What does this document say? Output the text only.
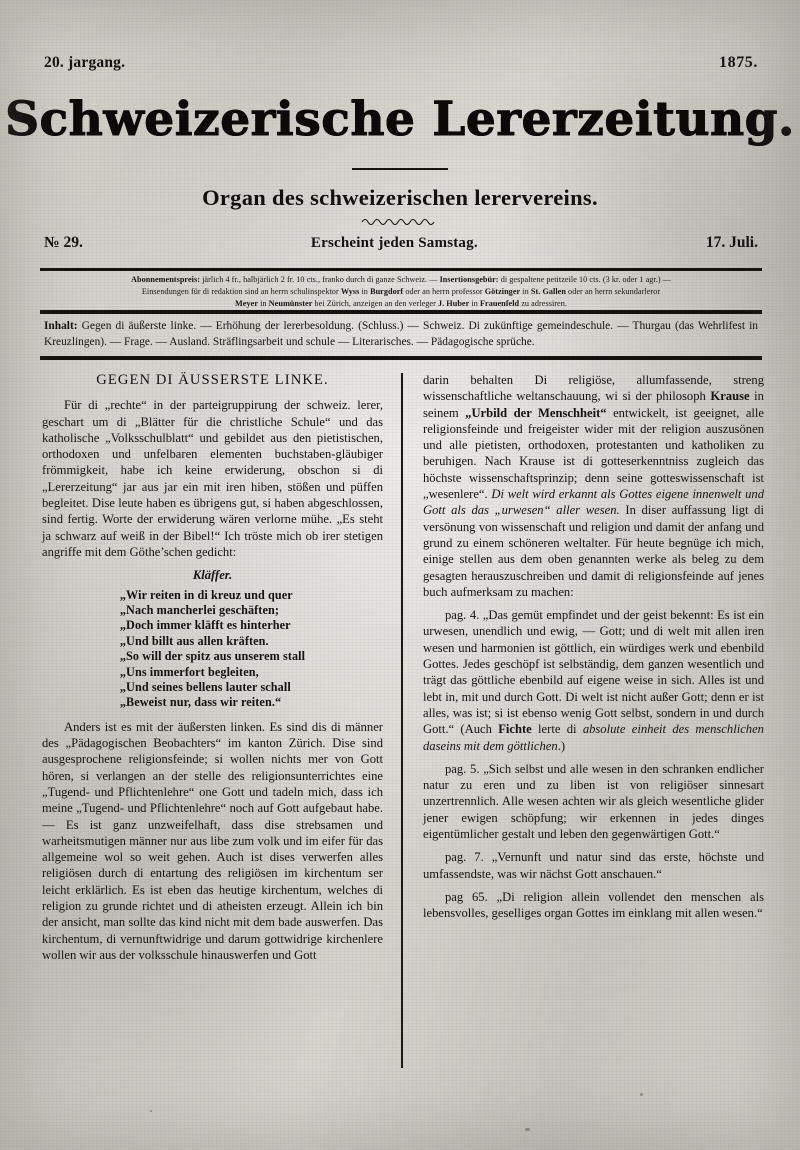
20. jargang.	1875.
Schweizerische Lererzeitung.
Organ des schweizerischen lerervereins.
№ 29.	Erscheint jeden Samstag.	17. Juli.
Abonnementspreis: järlich 4 fr., halbjärlich 2 fr. 10 cts., franko durch di ganze Schweiz. — Insertionsgebür: di gespaltene petitzeile 10 cts. (3 kr. oder 1 agr.) —
Einsendungen für di redaktion sind an herrn schulinspektor Wyss in Burgdorf oder an herrn professor Götzinger in St. Gallen oder an herrn sekundarleror
Meyer in Neumünster bei Zürich, anzeigen an den verleger J. Huber in Frauenfeld zu adressiren.
Inhalt: Gegen di äußerste linke. — Erhöhung der lererbesoldung. (Schluss.) — Schweiz. Di zukünftige gemeindeschule. — Thurgau (das Wehrlifest in Kreuzlingen). — Frage. — Ausland. Sträflingsarbeit und schule — Literarisches. — Pädagogische sprüche.
GEGEN DI ÄUSSERSTE LINKE.

Für di „rechte“ in der parteigruppirung der schweiz. lerer, geschart um di „Blätter für die christliche Schule“ und das katholische „Volksschulblatt“ und gebildet aus den pietistischen, orthodoxen und unfelbaren elementen buchstaben-gläubiger frömmigkeit, habe ich keine erwiderung, obschon si di „Lererzeitung“ jar aus jar ein mit iren hiben, stößen und püffen begleitet. Dise leute haben es übrigens gut, si haben abgeschlossen, sind fertig. Worte der erwiderung wären verlorne mühe. „Es steht ja schwarz auf weiß in der Bibel!“ Ich tröste mich ob irer stetigen angriffe mit dem Göthe’schen gedicht:

Kläffer.
„Wir reiten in di kreuz und quer
„Nach mancherlei geschäften;
„Doch immer kläfft es hinterher
„Und billt aus allen kräften.
„So will der spitz aus unserem stall
„Uns immerfort begleiten,
„Und seines bellens lauter schall
„Beweist nur, dass wir reiten.“

Anders ist es mit der äußersten linken. Es sind dis di männer des „Pädagogischen Beobachters“ im kanton Zürich. Dise sind ausgesprochene religionsfeinde; si wollen nichts mer von Gott hören, si verlangen an der stelle des religionsunterrichtes eine „Tugend- und Pflichtenlehre“ one Gott und tadeln mich, dass ich meine „Tugend- und Pflichtenlehre“ noch auf Gott aufgebaut habe. — Es ist ganz unzweifelhaft, dass dise strebsamen und warheitsmutigen männer nur aus libe zum volk und im eifer für das allgemeine wol so weit gehen. Auch ist dises verwerfen alles religiösen durch di entartung des religiösen im kirchentum ser leicht erklärlich. Es ist eben das heutige kirchentum, welches di religion zu grunde richtet und di atheisten erzeugt. Allein ich bin der ansicht, man sollte das kind nicht mit dem bade auswerfen. Das kirchentum, di vernunftwidrige und darum gottwidrige kirchenlere wollen wir aus der volksschule hinauswerfen und Gott

darin behalten Di religiöse, allumfassende, streng wissenschaftliche weltanschauung, wi si der philosoph Krause in seinem „Urbild der Menschheit“ entwickelt, ist geeignet, alle religionsfeinde und freigeister wider mit der religion auszusönen und alle pietisten, orthodoxen, protestanten und katholiken zu beruhigen. Nach Krause ist di gotteserkenntniss zugleich das höchste wissenschaftsprinzip; denn seine gotteswissenschaft ist „wesenlere“. Di welt wird erkannt als Gottes eigene innenwelt und Gott als das „urwesen“ aller wesen. In diser auffassung ligt di versönung von wissenschaft und religion und damit der anfang und grund zu einem schöneren weltalter. Für heute begnüge ich mich, einige stellen aus dem oben genannten werke als beleg zu dem gesagten herauszuschreiben und damit di religionsfeinde auf jenes buch aufmerksam zu machen:

pag. 4. „Das gemüt empfindet und der geist bekennt: Es ist ein urwesen, unendlich und ewig, — Gott; und di welt mit allen iren wesen und harmonien ist göttlich, ein würdiges werk und ebenbild Gottes. Jedes geschöpf ist selbständig, dem ganzen wesentlich und trägt das göttliche ebenbild auf eigene weise in sich. Alles ist und lebt in, mit und durch Gott. Di welt ist nicht außer Gott; denn er ist alles, was ist; si ist ebenso wenig Gott selbst, sondern in und durch Gott.“ (Auch Fichte lerte di absolute einheit des menschlichen daseins mit dem göttlichen.)

pag. 5. „Sich selbst und alle wesen in den schranken endlicher natur zu eren und zu liben ist von religiöser sinnesart unzertrennlich. Alle wesen achten wir als gleich wesentliche glider jener ewigen schöpfung; wir erkennen in jedes dinges eigentümlicher gestalt und leben den gegenwärtigen Gott.“

pag. 7. „Vernunft und natur sind das erste, höchste und umfassendste, was wir nächst Gott anschauen.“

pag 65. „Di religion allein vollendet den menschen als lebensvolles, geselliges organ Gottes im einklang mit allen wesen.“
